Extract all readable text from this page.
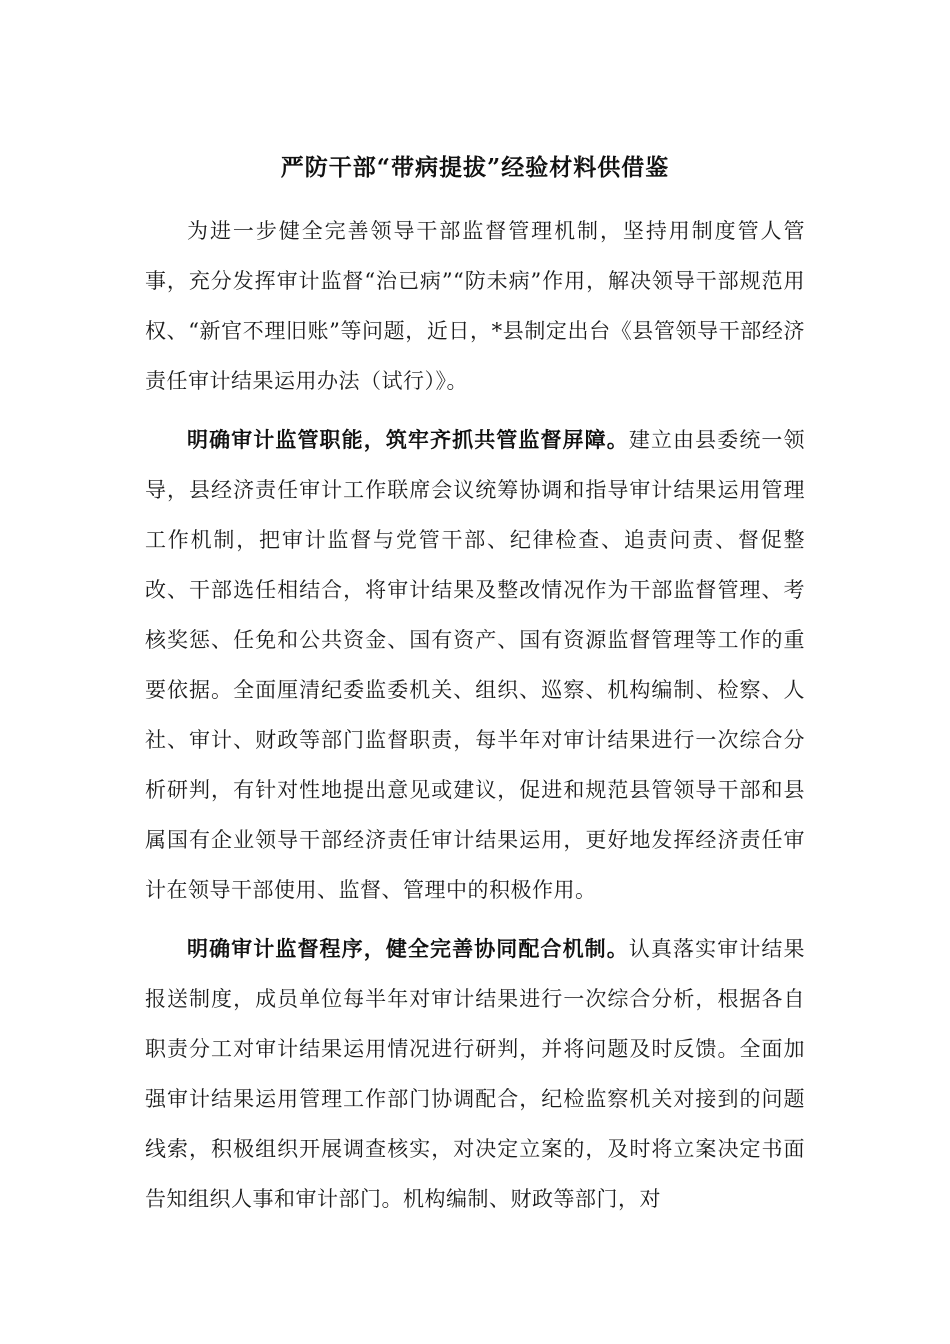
严防干部“带病提拔”经验材料供借鉴

为进一步健全完善领导干部监督管理机制，坚持用制度管人管事，充分发挥审计监督“治已病”“防未病”作用，解决领导干部规范用权、“新官不理旧账”等问题，近日，*县制定出台《县管领导干部经济责任审计结果运用办法（试行）》。

明确审计监管职能，筑牢齐抓共管监督屏障。建立由县委统一领导，县经济责任审计工作联席会议统筹协调和指导审计结果运用管理工作机制，把审计监督与党管干部、纪律检查、追责问责、督促整改、干部选任相结合，将审计结果及整改情况作为干部监督管理、考核奖惩、任免和公共资金、国有资产、国有资源监督管理等工作的重要依据。全面厘清纪委监委机关、组织、巡察、机构编制、检察、人社、审计、财政等部门监督职责，每半年对审计结果进行一次综合分析研判，有针对性地提出意见或建议，促进和规范县管领导干部和县属国有企业领导干部经济责任审计结果运用，更好地发挥经济责任审计在领导干部使用、监督、管理中的积极作用。

明确审计监督程序，健全完善协同配合机制。认真落实审计结果报送制度，成员单位每半年对审计结果进行一次综合分析，根据各自职责分工对审计结果运用情况进行研判，并将问题及时反馈。全面加强审计结果运用管理工作部门协调配合，纪检监察机关对接到的问题线索，积极组织开展调查核实，对决定立案的，及时将立案决定书面告知组织人事和审计部门。机构编制、财政等部门，对
